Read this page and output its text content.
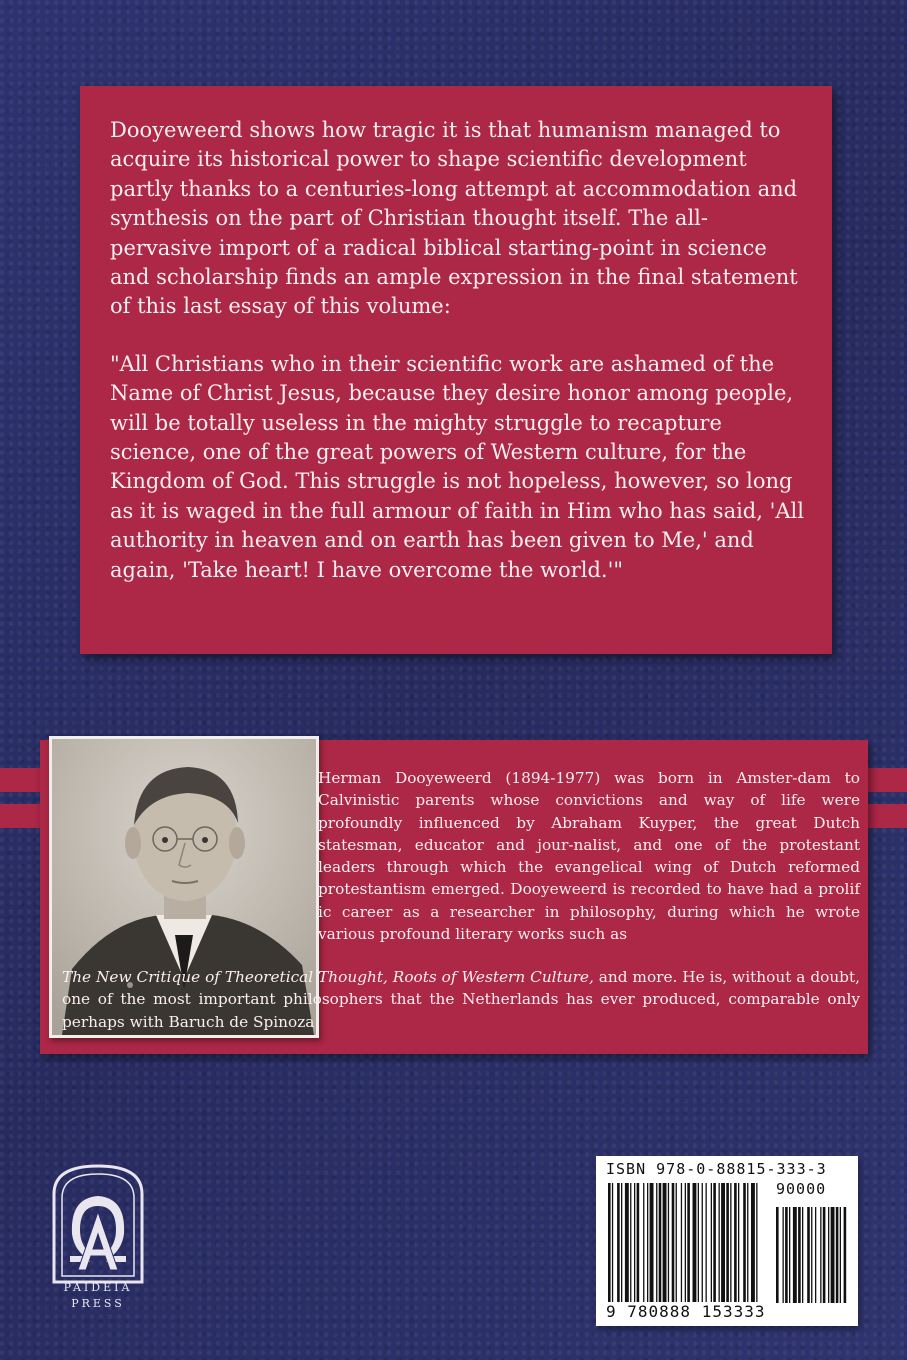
Dooyeweerd shows how tragic it is that humanism managed to acquire its historical power to shape scientific development partly thanks to a centuries-long attempt at accommodation and synthesis on the part of Christian thought itself. The all-pervasive import of a radical biblical starting-point in science and scholarship finds an ample expression in the final statement of this last essay of this volume:

"All Christians who in their scientific work are ashamed of the Name of Christ Jesus, because they desire honor among people, will be totally useless in the mighty struggle to recapture science, one of the great powers of Western culture, for the Kingdom of God. This struggle is not hopeless, however, so long as it is waged in the full armour of faith in Him who has said, 'All authority in heaven and on earth has been given to Me,' and again, 'Take heart! I have overcome the world.'"

Herman Dooyeweerd (1894-1977) was born in Amster-dam to Calvinistic parents whose convictions and way of life were profoundly influenced by Abraham Kuyper, the great Dutch statesman, educator and jour-nalist, and one of the protestant leaders through which the evangelical wing of Dutch reformed protestantism emerged. Dooyeweerd is recorded to have had a prolif ic career as a researcher in philosophy, during which he wrote various profound literary works such as
The New Critique of Theoretical Thought, Roots of Western Culture, and more. He is, without a doubt, one of the most important philosophers that the Netherlands has ever produced, comparable only perhaps with Baruch de Spinoza.
PAIDEIA PRESS
ISBN 978-0-88815-333-3
90000
9 780888 153333
